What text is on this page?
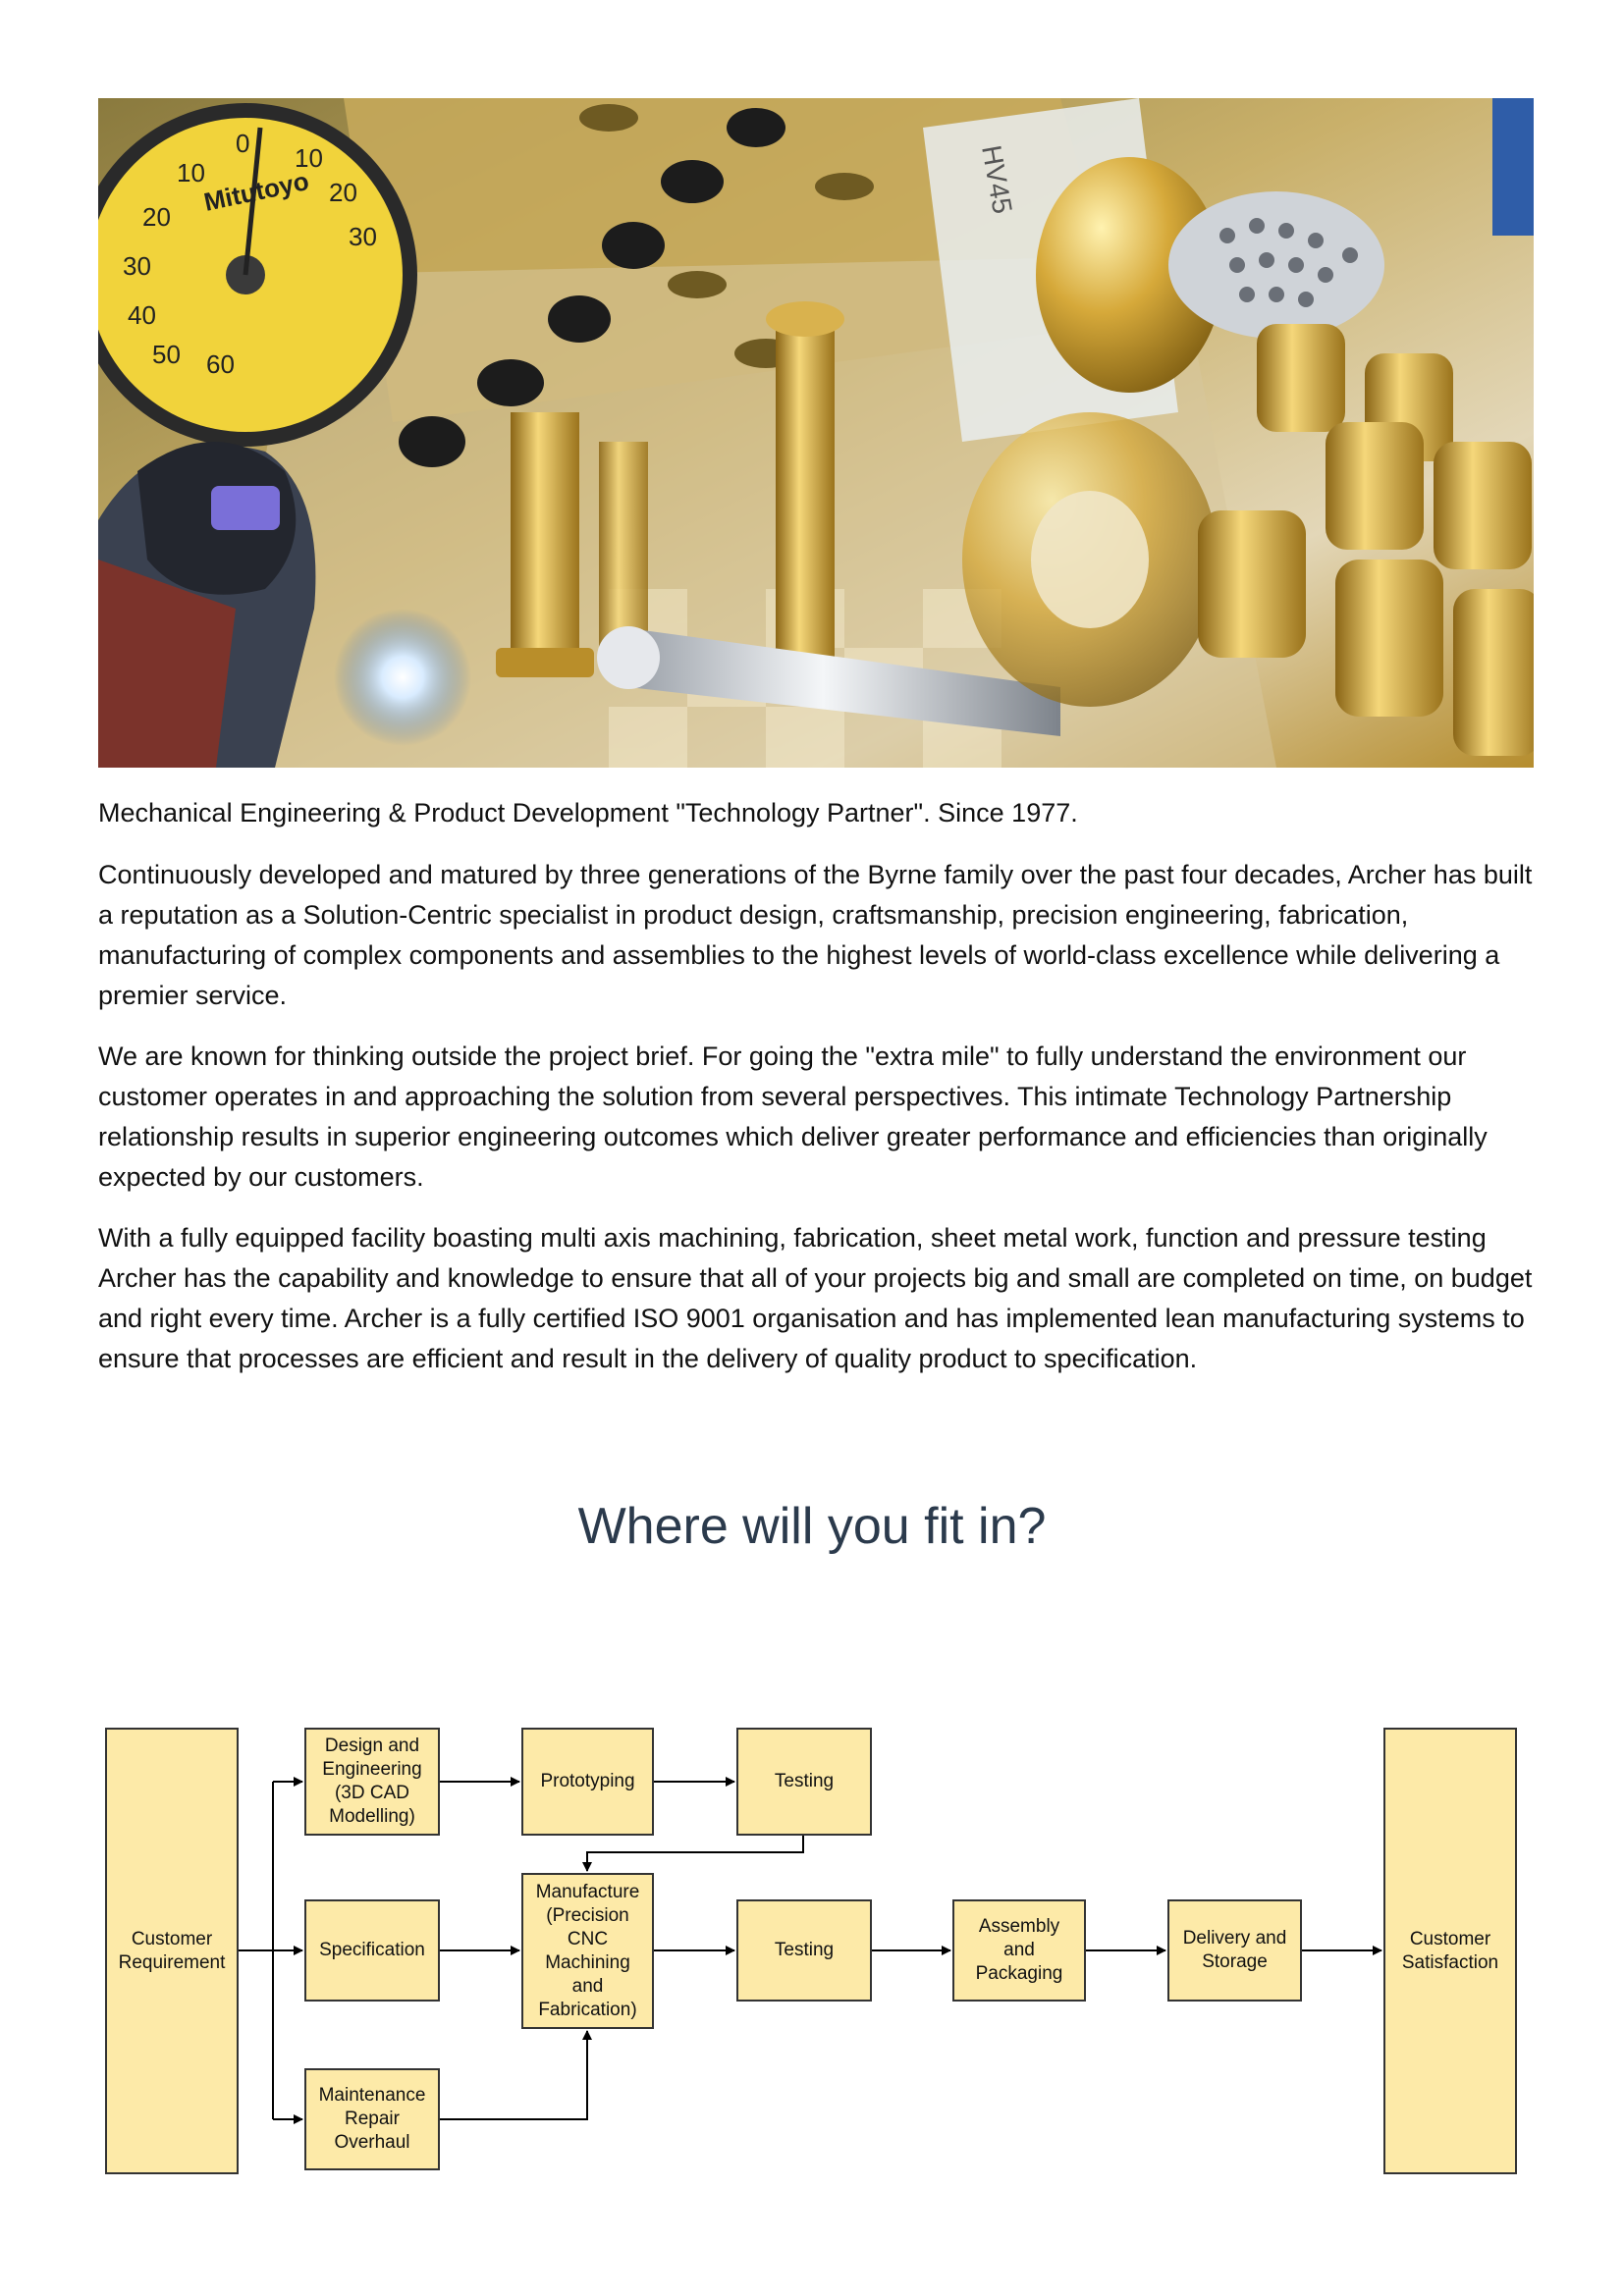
Mitutoyo
0
10
20
30
40
50 60
10
20
30
HV45

Mechanical Engineering & Product Development "Technology Partner". Since 1977.

Continuously developed and matured by three generations of the Byrne family over the past four decades, Archer has built a reputation as a Solution-Centric specialist in product design, craftsmanship, precision engineering, fabrication, manufacturing of complex components and assemblies to the highest levels of world-class excellence while delivering a premier service.

We are known for thinking outside the project brief. For going the "extra mile" to fully understand the environment our customer operates in and approaching the solution from several perspectives. This intimate Technology Partnership relationship results in superior engineering outcomes which deliver greater performance and efficiencies than originally expected by our customers.

With a fully equipped facility boasting multi axis machining, fabrication, sheet metal work, function and pressure testing Archer has the capability and knowledge to ensure that all of your projects big and small are completed on time, on budget and right every time. Archer is a fully certified ISO 9001 organisation and has implemented lean manufacturing systems to ensure that processes are efficient and result in the delivery of quality product to specification.

Where will you fit in?
Customer
Requirement
Design and
Engineering
(3D CAD
Modelling)
Specification
Maintenance
Repair
Overhaul
Prototyping	Testing
Manufacture
(Precision
CNC
Machining
and
Fabrication)
Testing
Assembly
and
Packaging
Delivery and
Storage
Customer
Satisfaction
